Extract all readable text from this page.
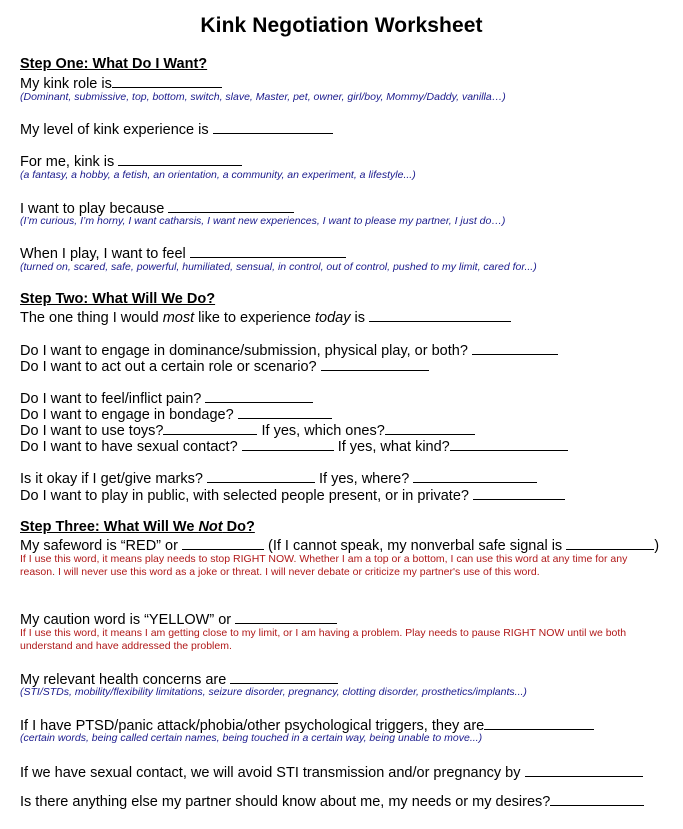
Kink Negotiation Worksheet
Step One: What Do I Want?
My kink role is
(Dominant, submissive, top, bottom, switch, slave, Master, pet, owner, girl/boy, Mommy/Daddy, vanilla…)
My level of kink experience is
For me, kink is
(a fantasy, a hobby, a fetish, an orientation, a community, an experiment, a lifestyle...)
I want to play because
(I’m curious, I’m horny, I want catharsis, I want new experiences, I want to please my partner, I just do…)
When I play, I want to feel
(turned on, scared, safe, powerful, humiliated, sensual, in control, out of control, pushed to my limit, cared for...)
Step Two: What Will We Do?
The one thing I would most like to experience today is
Do I want to engage in dominance/submission, physical play, or both?
Do I want to act out a certain role or scenario?
Do I want to feel/inflict pain?
Do I want to engage in bondage?
Do I want to use toys?	If yes, which ones?
Do I want to have sexual contact?	If yes, what kind?
Is it okay if I get/give marks?	If yes, where?
Do I want to play in public, with selected people present, or in private?
Step Three: What Will We Not Do?
My safeword is “RED” or	(If I cannot speak, my nonverbal safe signal is	)
If I use this word, it means play needs to stop RIGHT NOW. Whether I am a top or a bottom, I can use this word at any time for any reason. I will never use this word as a joke or threat. I will never debate or criticize my partner's use of this word.
My caution word is “YELLOW” or
If I use this word, it means I am getting close to my limit, or I am having a problem. Play needs to pause RIGHT NOW until we both understand and have addressed the problem.
My relevant health concerns are
(STI/STDs, mobility/flexibility limitations, seizure disorder, pregnancy, clotting disorder, prosthetics/implants...)
If I have PTSD/panic attack/phobia/other psychological triggers, they are
(certain words, being called certain names, being touched in a certain way, being unable to move...)
If we have sexual contact, we will avoid STI transmission and/or pregnancy by
Is there anything else my partner should know about me, my needs or my desires?
